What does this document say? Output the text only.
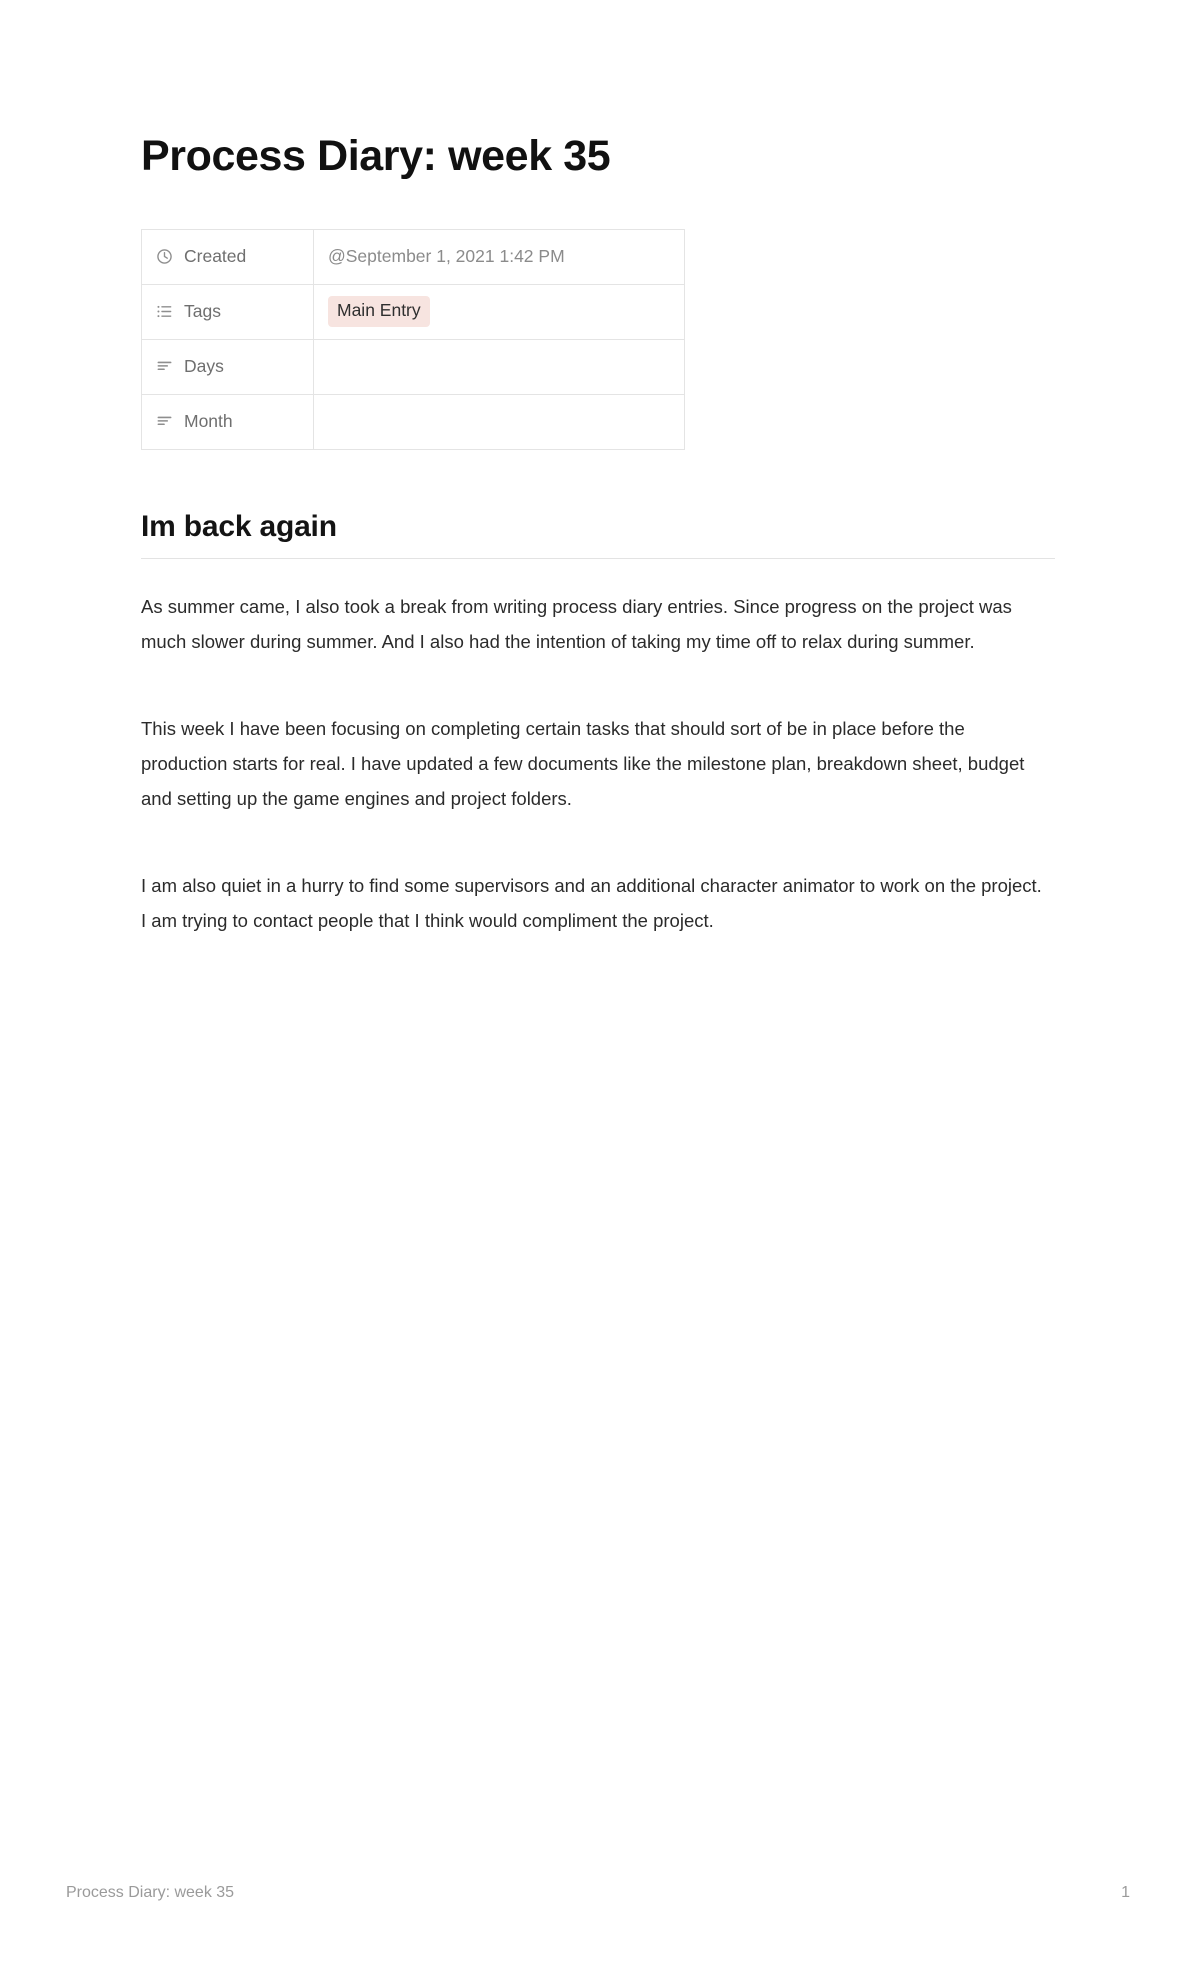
Process Diary: week 35
Created	@September 1, 2021 1:42 PM

Tags	Main Entry

Days	

Month	

Im back again

As summer came, I also took a break from writing process diary entries. Since progress on the project was much slower during summer. And I also had the intention of taking my time off to relax during summer.

This week I have been focusing on completing certain tasks that should sort of be in place before the production starts for real. I have updated a few documents like the milestone plan, breakdown sheet, budget and setting up the game engines and project folders.

I am also quiet in a hurry to find some supervisors and an additional character animator to work on the project. I am trying to contact people that I think would compliment the project.

Process Diary: week 35	1
